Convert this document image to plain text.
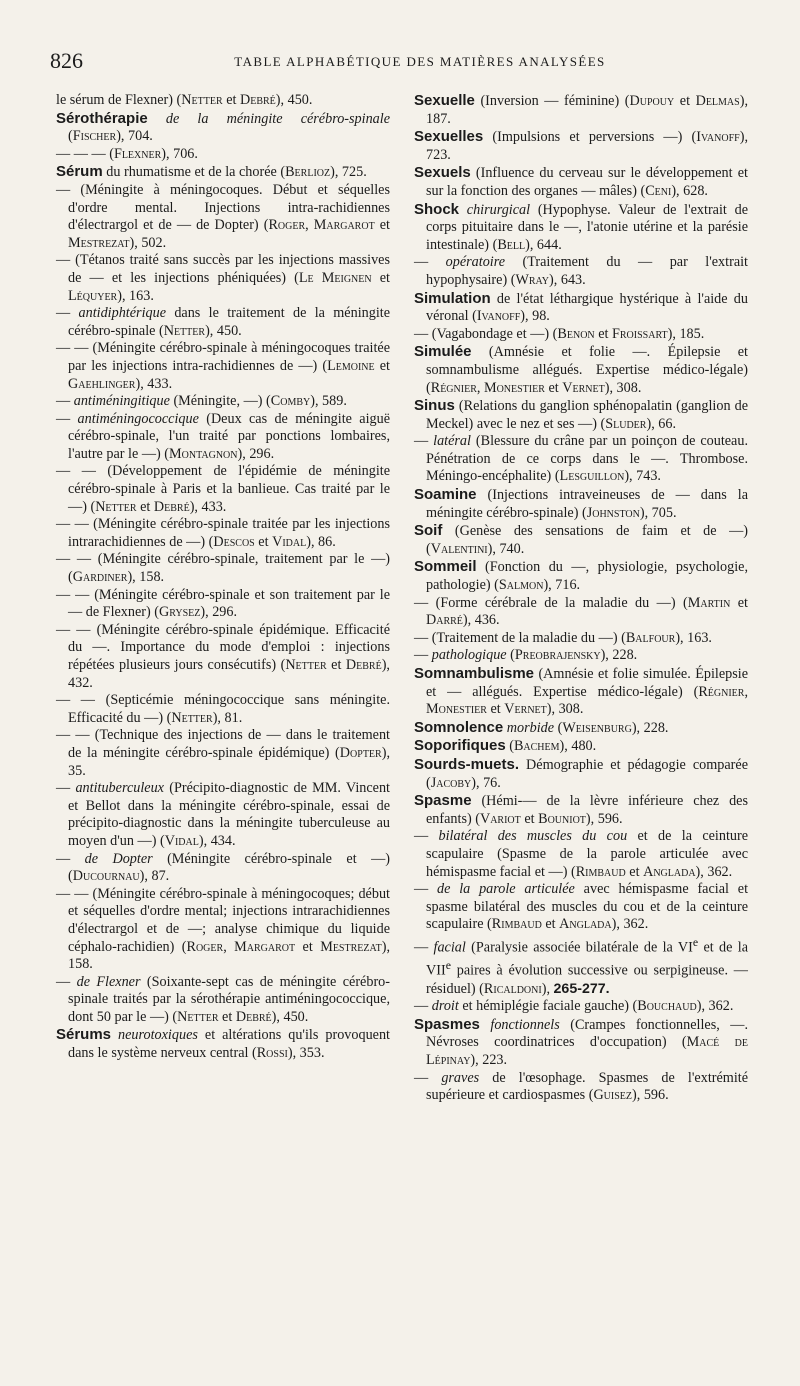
826	TABLE ALPHABÉTIQUE DES MATIÈRES ANALYSÉES
le sérum de Flexner) (Netter et Debré), 450.
Sérothérapie de la méningite cérébro-spinale (Fischer), 704.
— — — (Flexner), 706.
Sérum du rhumatisme et de la chorée (Berlioz), 725.
— (Méningite à méningocoques. Début et séquelles d'ordre mental. Injections intra-rachidiennes d'électrargol et de — de Dopter) (Roger, Margarot et Mestrezat), 502.
— (Tétanos traité sans succès par les injections massives de — et les injections phéniquées) (Le Meignen et Léquyer), 163.
— antidiphtérique dans le traitement de la méningite cérébro-spinale (Netter), 450.
— — (Méningite cérébro-spinale à méningocoques traitée par les injections intra-rachidiennes de —) (Lemoine et Gaehlinger), 433.
— antiméningitique (Méningite, —) (Comby), 589.
— antiméningococcique (Deux cas de méningite aiguë cérébro-spinale, l'un traité par ponctions lombaires, l'autre par le —) (Montagnon), 296.
— — (Développement de l'épidémie de méningite cérébro-spinale à Paris et la banlieue. Cas traité par le —) (Netter et Debré), 433.
— — (Méningite cérébro-spinale traitée par les injections intrarachidiennes de —) (Descos et Vidal), 86.
— — (Méningite cérébro-spinale, traitement par le —) (Gardiner), 158.
— — (Méningite cérébro-spinale et son traitement par le — de Flexner) (Grysez), 296.
— — (Méningite cérébro-spinale épidémique. Efficacité du —. Importance du mode d'emploi : injections répétées plusieurs jours consécutifs) (Netter et Debré), 432.
— — (Septicémie méningococcique sans méningite. Efficacité du —) (Netter), 81.
— — (Technique des injections de — dans le traitement de la méningite cérébro-spinale épidémique) (Dopter), 35.
— antituberculeux (Précipito-diagnostic de MM. Vincent et Bellot dans la méningite cérébro-spinale, essai de précipito-diagnostic dans la méningite tuberculeuse au moyen d'un —) (Vidal), 434.
— de Dopter (Méningite cérébro-spinale et —) (Ducournau), 87.
— — (Méningite cérébro-spinale à méningocoques; début et séquelles d'ordre mental; injections intrarachidiennes d'électrargol et de —; analyse chimique du liquide céphalo-rachidien) (Roger, Margarot et Mestrezat), 158.
— de Flexner (Soixante-sept cas de méningite cérébro-spinale traités par la sérothérapie antiméningococcique, dont 50 par le —) (Netter et Debré), 450.
Sérums neurotoxiques et altérations qu'ils provoquent dans le système nerveux central (Rossi), 353.
Sexuelle (Inversion — féminine) (Dupouy et Delmas), 187.
Sexuelles (Impulsions et perversions —) (Ivanoff), 723.
Sexuels (Influence du cerveau sur le développement et sur la fonction des organes — mâles) (Ceni), 628.
Shock chirurgical (Hypophyse. Valeur de l'extrait de corps pituitaire dans le —, l'atonie utérine et la parésie intestinale) (Bell), 644.
— opératoire (Traitement du — par l'extrait hypophysaire) (Wray), 643.
Simulation de l'état léthargique hystérique à l'aide du véronal (Ivanoff), 98.
— (Vagabondage et —) (Benon et Froissart), 185.
Simulée (Amnésie et folie —. Épilepsie et somnambulisme allégués. Expertise médico-légale) (Régnier, Monestier et Vernet), 308.
Sinus (Relations du ganglion sphénopalatin (ganglion de Meckel) avec le nez et ses —) (Sluder), 66.
— latéral (Blessure du crâne par un poinçon de couteau. Pénétration de ce corps dans le —. Thrombose. Méningo-encéphalite) (Lesguillon), 743.
Soamine (Injections intraveineuses de — dans la méningite cérébro-spinale) (Johnston), 705.
Soif (Genèse des sensations de faim et de —) (Valentini), 740.
Sommeil (Fonction du —, physiologie, psychologie, pathologie) (Salmon), 716.
— (Forme cérébrale de la maladie du —) (Martin et Darré), 436.
— (Traitement de la maladie du —) (Balfour), 163.
— pathologique (Preobrajensky), 228.
Somnambulisme (Amnésie et folie simulée. Épilepsie et — allégués. Expertise médico-légale) (Régnier, Monestier et Vernet), 308.
Somnolence morbide (Weisenburg), 228.
Soporifiques (Bachem), 480.
Sourds-muets. Démographie et pédagogie comparée (Jacoby), 76.
Spasme (Hémi-— de la lèvre inférieure chez des enfants) (Variot et Bouniot), 596.
— bilatéral des muscles du cou et de la ceinture scapulaire (Spasme de la parole articulée avec hémispasme facial et —) (Rimbaud et Anglada), 362.
— de la parole articulée avec hémispasme facial et spasme bilatéral des muscles du cou et de la ceinture scapulaire (Rimbaud et Anglada), 362.
— facial (Paralysie associée bilatérale de la VIe et de la VIIe paires à évolution successive ou serpigineuse. — résiduel) (Ricaldoni), 265-277.
— droit et hémiplégie faciale gauche) (Bouchaud), 362.
Spasmes fonctionnels (Crampes fonctionnelles, —. Névroses coordinatrices d'occupation) (Macé de Lépinay), 223.
— graves de l'œsophage. Spasmes de l'extrémité supérieure et cardiospasmes (Guisez), 596.
